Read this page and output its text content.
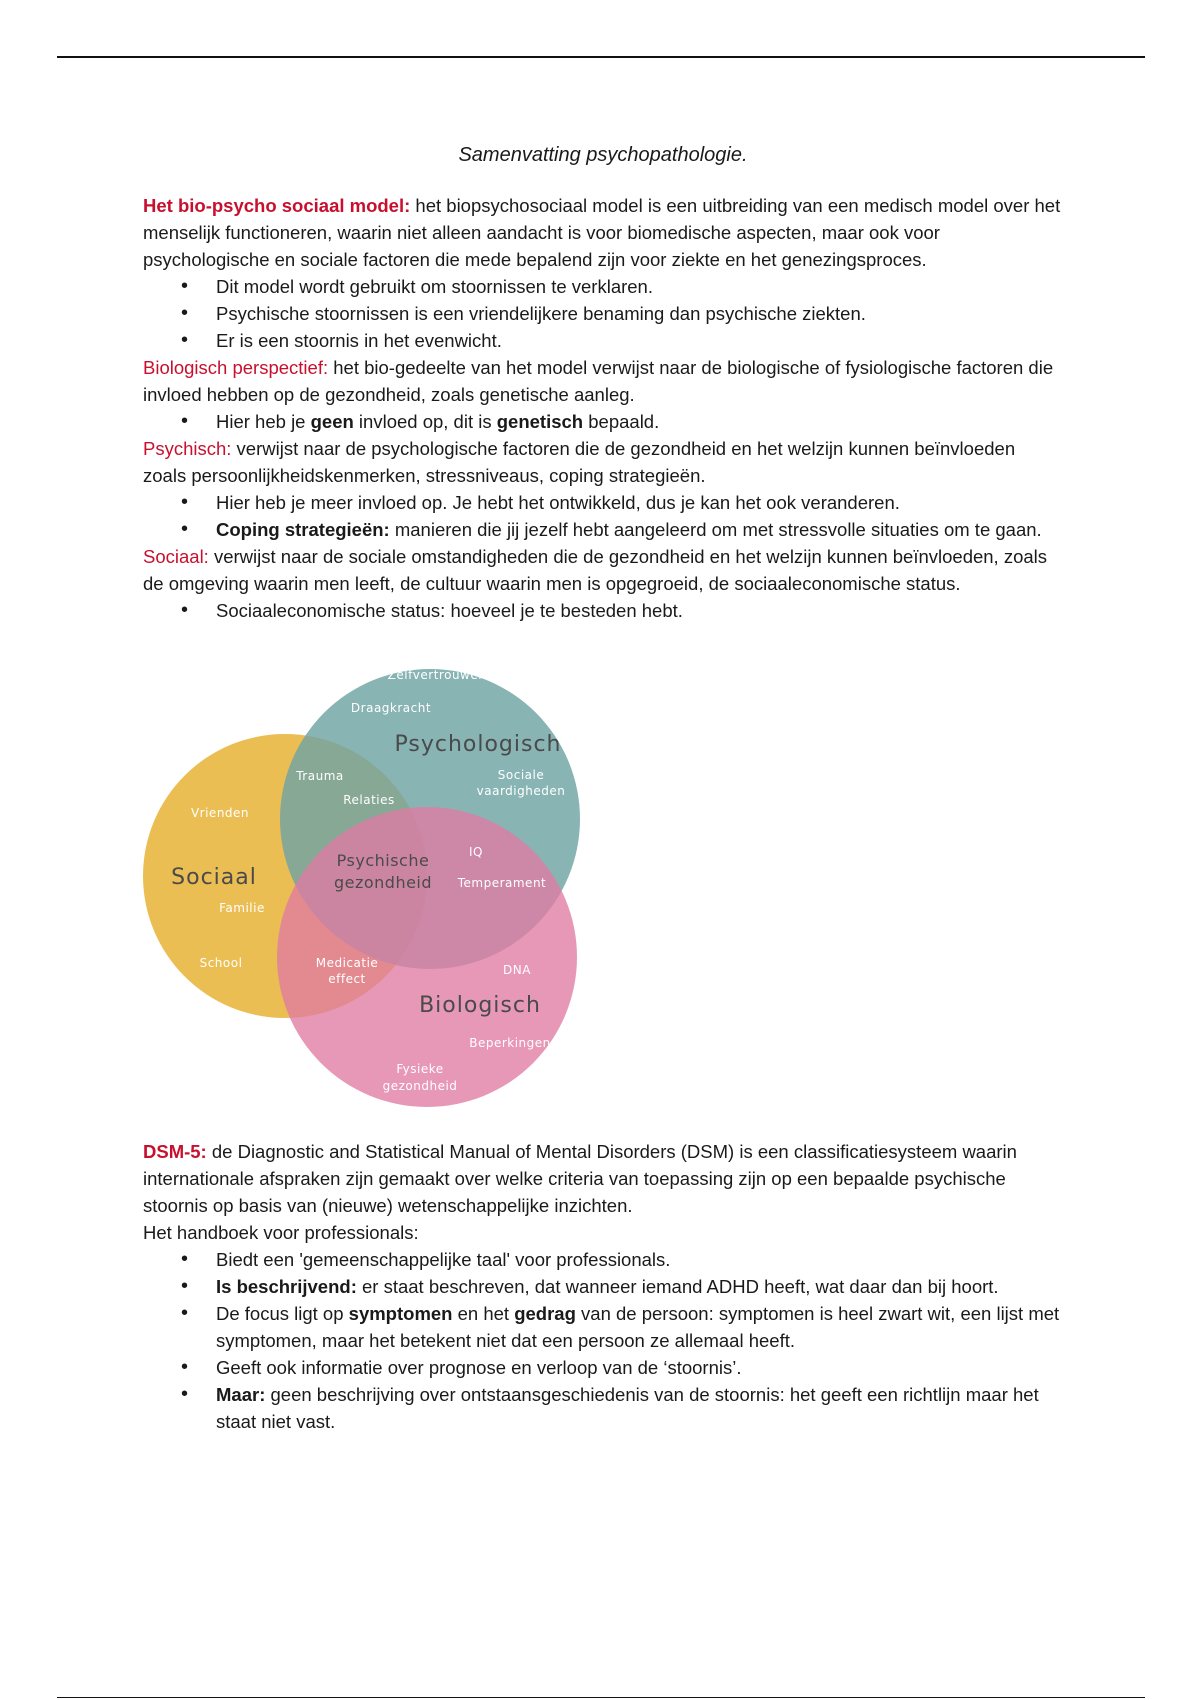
Samenvatting psychopathologie.

Het bio-psycho sociaal model: het biopsychosociaal model is een uitbreiding van een medisch model over het menselijk functioneren, waarin niet alleen aandacht is voor biomedische aspecten, maar ook voor psychologische en sociale factoren die mede bepalend zijn voor ziekte en het genezingsproces.

• Dit model wordt gebruikt om stoornissen te verklaren.
• Psychische stoornissen is een vriendelijkere benaming dan psychische ziekten.
• Er is een stoornis in het evenwicht.

Biologisch perspectief: het bio-gedeelte van het model verwijst naar de biologische of fysiologische factoren die invloed hebben op de gezondheid, zoals genetische aanleg.

• Hier heb je geen invloed op, dit is genetisch bepaald.

Psychisch: verwijst naar de psychologische factoren die de gezondheid en het welzijn kunnen beïnvloeden zoals persoonlijkheidskenmerken, stressniveaus, coping strategieën.

• Hier heb je meer invloed op. Je hebt het ontwikkeld, dus je kan het ook veranderen.
• Coping strategieën: manieren die jij jezelf hebt aangeleerd om met stressvolle situaties om te gaan.

Sociaal: verwijst naar de sociale omstandigheden die de gezondheid en het welzijn kunnen beïnvloeden, zoals de omgeving waarin men leeft, de cultuur waarin men is opgegroeid, de sociaaleconomische status.

• Sociaaleconomische status: hoeveel je te besteden hebt.
Zelfvertrouwen
Draagkracht
Psychologisch
Sociale
vaardigheden
Trauma
Relaties
Vrienden
Sociaal
Psychische
gezondheid
IQ
Temperament
Familie
School	Medicatie
effect
DNA
Biologisch
Beperkingen
Fysieke
gezondheid

DSM-5: de Diagnostic and Statistical Manual of Mental Disorders (DSM) is een classificatiesysteem waarin internationale afspraken zijn gemaakt over welke criteria van toepassing zijn op een bepaalde psychische stoornis op basis van (nieuwe) wetenschappelijke inzichten.

Het handboek voor professionals:

• Biedt een 'gemeenschappelijke taal' voor professionals.
• Is beschrijvend: er staat beschreven, dat wanneer iemand ADHD heeft, wat daar dan bij hoort.
• De focus ligt op symptomen en het gedrag van de persoon: symptomen is heel zwart wit, een lijst met symptomen, maar het betekent niet dat een persoon ze allemaal heeft.
• Geeft ook informatie over prognose en verloop van de ‘stoornis’.
• Maar: geen beschrijving over ontstaansgeschiedenis van de stoornis: het geeft een richtlijn maar het staat niet vast.
